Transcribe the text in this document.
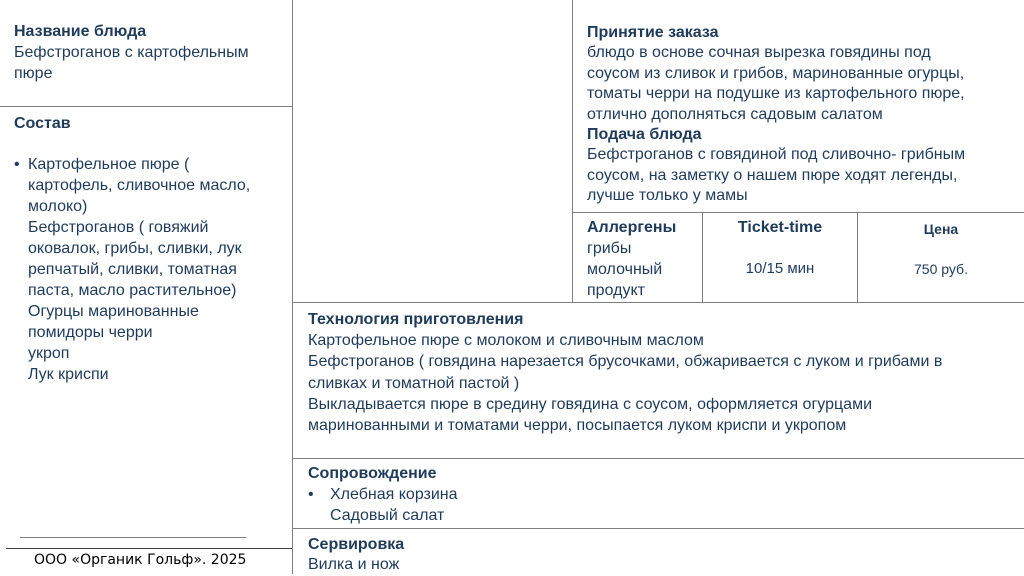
Название блюда
Бефстроганов с картофельным
пюре
Состав
• Картофельное пюре (
картофель, сливочное масло,
молоко)
Бефстроганов ( говяжий
оковалок, грибы, сливки, лук
репчатый, сливки, томатная
паста, масло растительное)
Огурцы маринованные
помидоры черри
укроп
Лук криспи
Принятие заказа
блюдо в основе сочная вырезка говядины под
соусом из сливок и грибов, маринованные огурцы,
томаты черри на подушке из картофельного пюре,
отлично дополняться садовым салатом
Подача блюда
Бефстроганов с говядиной под сливочно- грибным
соусом, на заметку о нашем пюре ходят легенды,
лучше только у мамы
Аллергены
грибы
молочный
продукт
Ticket-time
10/15 мин
Цена
750 руб.
Технология приготовления
Картофельное пюре с молоком и сливочным маслом
Бефстроганов ( говядина нарезается брусочками, обжаривается с луком и грибами в
сливках и томатной пастой )
Выкладывается пюре в средину говядина с соусом, оформляется огурцами
маринованными и томатами черри, посыпается луком криспи и укропом
Сопровождение
• Хлебная корзина
Садовый салат
Сервировка
Вилка и нож
ООО «Органик Гольф». 2025
